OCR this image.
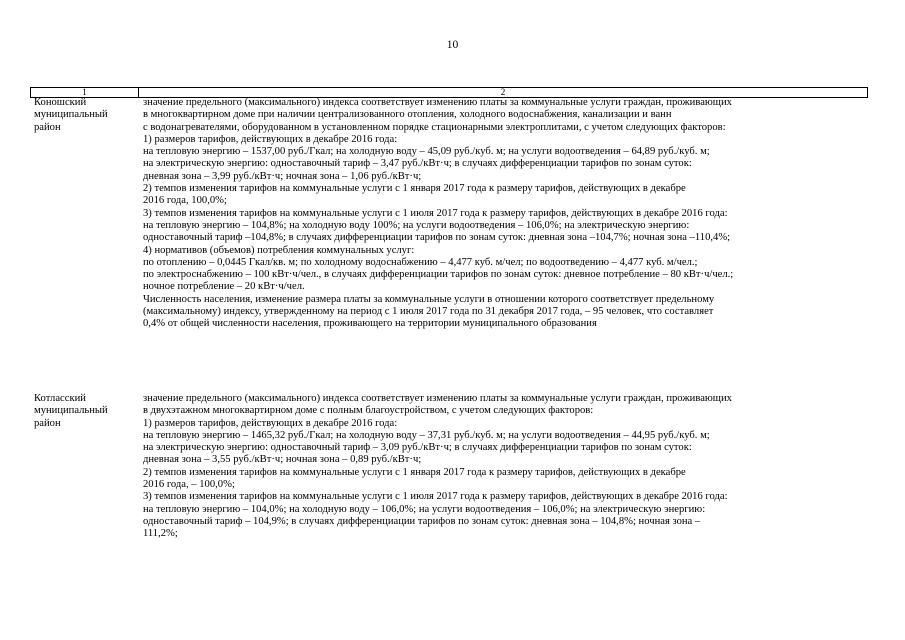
10
1	2
Коношский
муниципальный
район
значение предельного (максимального) индекса соответствует изменению платы за коммунальные услуги граждан, проживающих
в многоквартирном доме при наличии централизованного отопления, холодного водоснабжения, канализации и ванн
с водонагревателями, оборудованном в установленном порядке стационарными электроплитами, с учетом следующих факторов:
1) размеров тарифов, действующих в декабре 2016 года:
на тепловую энергию – 1537,00 руб./Гкал; на холодную воду – 45,09 руб./куб. м; на услуги водоотведения – 64,89 руб./куб. м;
на электрическую энергию: одноставочный тариф – 3,47 руб./кВт·ч; в случаях дифференциации тарифов по зонам суток:
дневная зона – 3,99 руб./кВт·ч; ночная зона – 1,06 руб./кВт·ч;
2) темпов изменения тарифов на коммунальные услуги с 1 января 2017 года к размеру тарифов, действующих в декабре
2016 года, 100,0%;
3) темпов изменения тарифов на коммунальные услуги с 1 июля 2017 года к размеру тарифов, действующих в декабре 2016 года:
на тепловую энергию – 104,8%; на холодную воду 100%; на услуги водоотведения – 106,0%; на электрическую энергию:
одноставочный тариф –104,8%; в случаях дифференциации тарифов по зонам суток: дневная зона –104,7%; ночная зона –110,4%;
4) нормативов (объемов) потребления коммунальных услуг:
по отоплению – 0,0445 Гкал/кв. м; по холодному водоснабжению – 4,477 куб. м/чел; по водоотведению – 4,477 куб. м/чел.;
по электроснабжению – 100 кВт·ч/чел., в случаях дифференциации тарифов по зонам суток: дневное потребление – 80 кВт·ч/чел.;
ночное потребление – 20 кВт·ч/чел.
Численность населения, изменение размера платы за коммунальные услуги в отношении которого соответствует предельному
(максимальному) индексу, утвержденному на период с 1 июля 2017 года по 31 декабря 2017 года, – 95 человек, что составляет
0,4% от общей численности населения, проживающего на территории муниципального образования
Котласский
муниципальный
район
значение предельного (максимального) индекса соответствует изменению платы за коммунальные услуги граждан, проживающих
в двухэтажном многоквартирном доме с полным благоустройством, с учетом следующих факторов:
1) размеров тарифов, действующих в декабре 2016 года:
на тепловую энергию – 1465,32 руб./Гкал; на холодную воду – 37,31 руб./куб. м; на услуги водоотведения – 44,95 руб./куб. м;
на электрическую энергию: одноставочный тариф – 3,09 руб./кВт·ч; в случаях дифференциации тарифов по зонам суток:
дневная зона – 3,55 руб./кВт·ч; ночная зона – 0,89 руб./кВт·ч;
2) темпов изменения тарифов на коммунальные услуги с 1 января 2017 года к размеру тарифов, действующих в декабре
2016 года, – 100,0%;
3) темпов изменения тарифов на коммунальные услуги с 1 июля 2017 года к размеру тарифов, действующих в декабре 2016 года:
на тепловую энергию – 104,0%; на холодную воду – 106,0%; на услуги водоотведения – 106,0%; на электрическую энергию:
одноставочный тариф – 104,9%; в случаях дифференциации тарифов по зонам суток: дневная зона – 104,8%; ночная зона –
111,2%;
